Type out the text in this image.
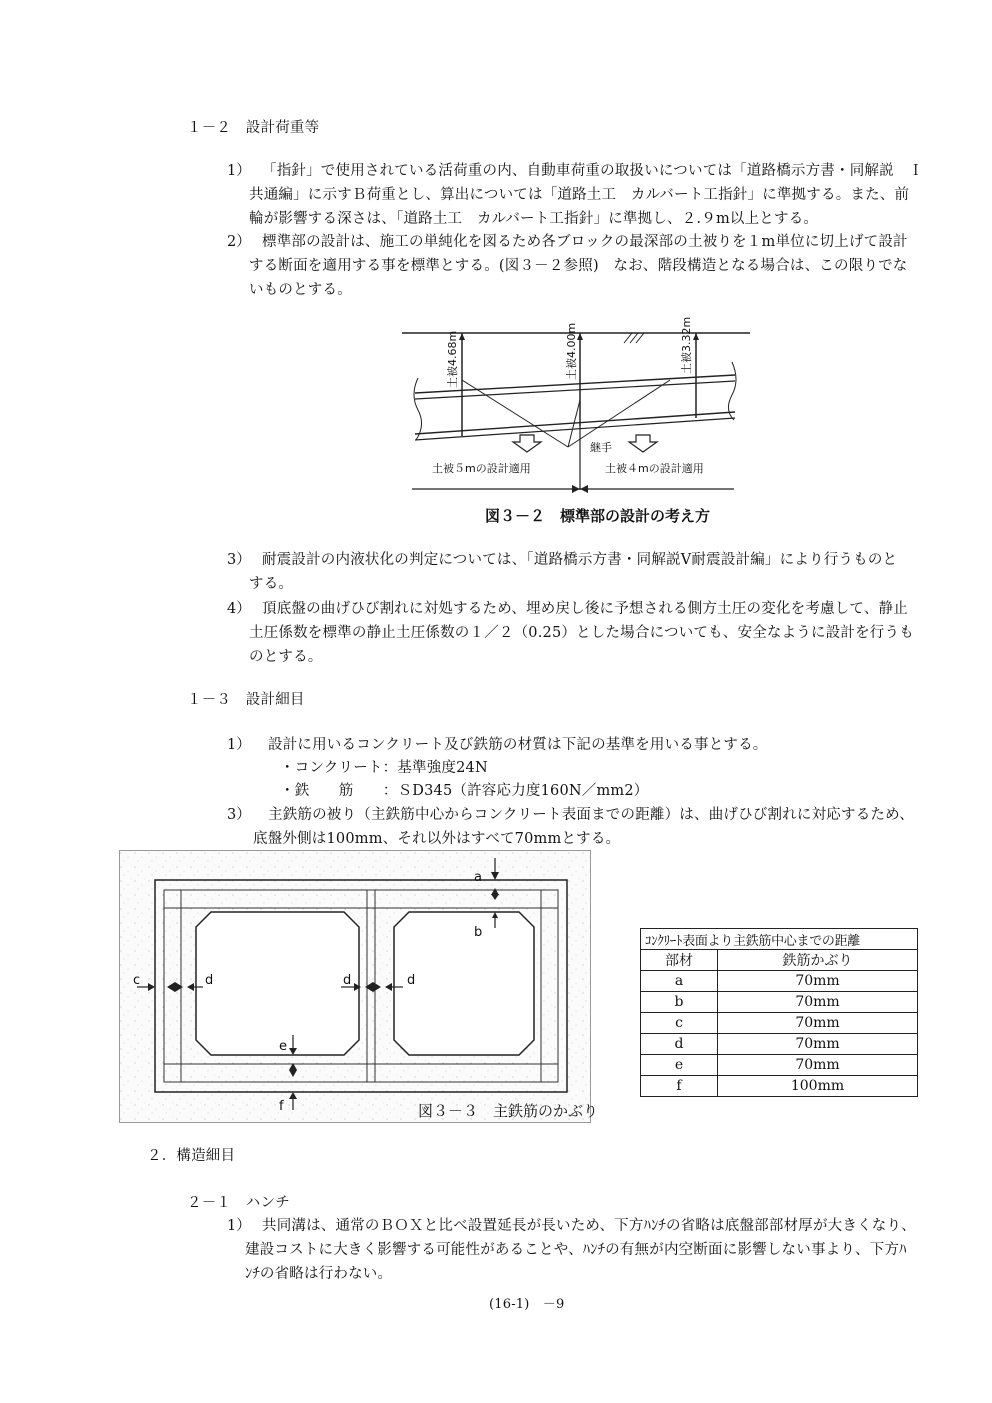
１－２　設計荷重等
1） 「指針」で使用されている活荷重の内、自動車荷重の取扱いについては「道路橋示方書・同解説　Ｉ
共通編」に示すＢ荷重とし、算出については「道路土工　カルバート工指針」に準拠する。また、前
輪が影響する深さは、「道路土工　カルバート工指針」に準拠し、２.９m以上とする。
2） 標準部の設計は、施工の単純化を図るため各ブロックの最深部の土被りを１m単位に切上げて設計
する断面を適用する事を標準とする。(図３－２参照)　なお、階段構造となる場合は、この限りでな
いものとする。
土被4.68m	土被4.00m	土被3.32m
継手
土被５mの設計適用	土被４mの設計適用
図３－２　標準部の設計の考え方
3） 耐震設計の内液状化の判定については、「道路橋示方書・同解説Ⅴ耐震設計編」により行うものと
する。
4） 頂底盤の曲げひび割れに対処するため、埋め戻し後に予想される側方土圧の変化を考慮して、静止
土圧係数を標準の静止土圧係数の１／２（0.25）とした場合についても、安全なように設計を行うも
のとする。
１－３　設計細目
1） 設計に用いるコンクリート及び鉄筋の材質は下記の基準を用いる事とする。
・コンクリート：基準強度24N
・鉄　　筋　　：ＳD345（許容応力度160N／mm2）
3） 主鉄筋の被り（主鉄筋中心からコンクリート表面までの距離）は、曲げひび割れに対応するため、
底盤外側は100mm、それ以外はすべて70mmとする。
a
b
c	d	d	d
e
f	図３－３　主鉄筋のかぶり
ｺﾝｸﾘｰﾄ表面より主鉄筋中心までの距離	
部材	鉄筋かぶり
a	70mm
b	70mm
c	70mm
d	70mm
e	70mm
f	100mm
２．構造細目
２－１　ハンチ
1） 共同溝は、通常のＢＯＸと比べ設置延長が長いため、下方ﾊﾝﾁの省略は底盤部部材厚が大きくなり、
建設コストに大きく影響する可能性があることや、ﾊﾝﾁの有無が内空断面に影響しない事より、下方ﾊ
ﾝﾁの省略は行わない。
(16-1)　－9
